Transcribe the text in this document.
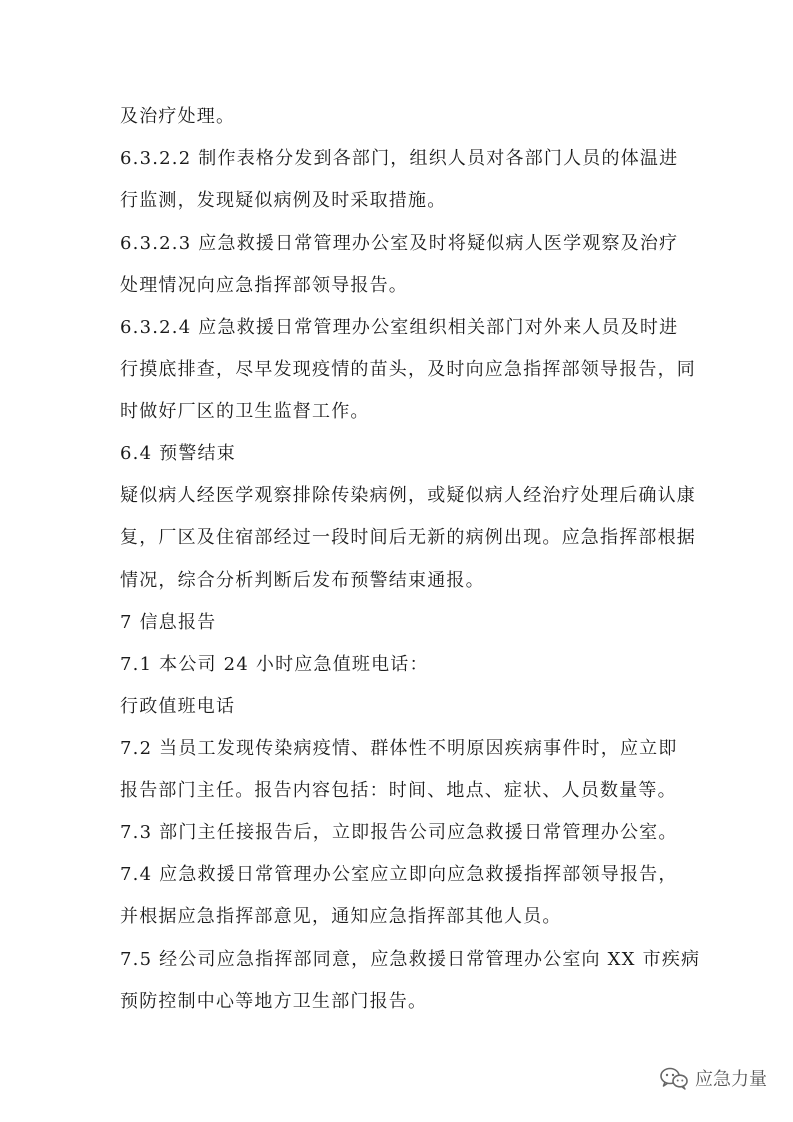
及治疗处理。
6.3.2.2 制作表格分发到各部门，组织人员对各部门人员的体温进
行监测，发现疑似病例及时采取措施。
6.3.2.3 应急救援日常管理办公室及时将疑似病人医学观察及治疗
处理情况向应急指挥部领导报告。
6.3.2.4 应急救援日常管理办公室组织相关部门对外来人员及时进
行摸底排查，尽早发现疫情的苗头，及时向应急指挥部领导报告，同
时做好厂区的卫生监督工作。
6.4 预警结束
疑似病人经医学观察排除传染病例，或疑似病人经治疗处理后确认康
复，厂区及住宿部经过一段时间后无新的病例出现。应急指挥部根据
情况，综合分析判断后发布预警结束通报。
7 信息报告
7.1 本公司 24 小时应急值班电话：
行政值班电话
7.2 当员工发现传染病疫情、群体性不明原因疾病事件时，应立即
报告部门主任。报告内容包括：时间、地点、症状、人员数量等。
7.3 部门主任接报告后，立即报告公司应急救援日常管理办公室。
7.4 应急救援日常管理办公室应立即向应急救援指挥部领导报告，
并根据应急指挥部意见，通知应急指挥部其他人员。
7.5 经公司应急指挥部同意，应急救援日常管理办公室向 XX 市疾病
预防控制中心等地方卫生部门报告。
应急力量
